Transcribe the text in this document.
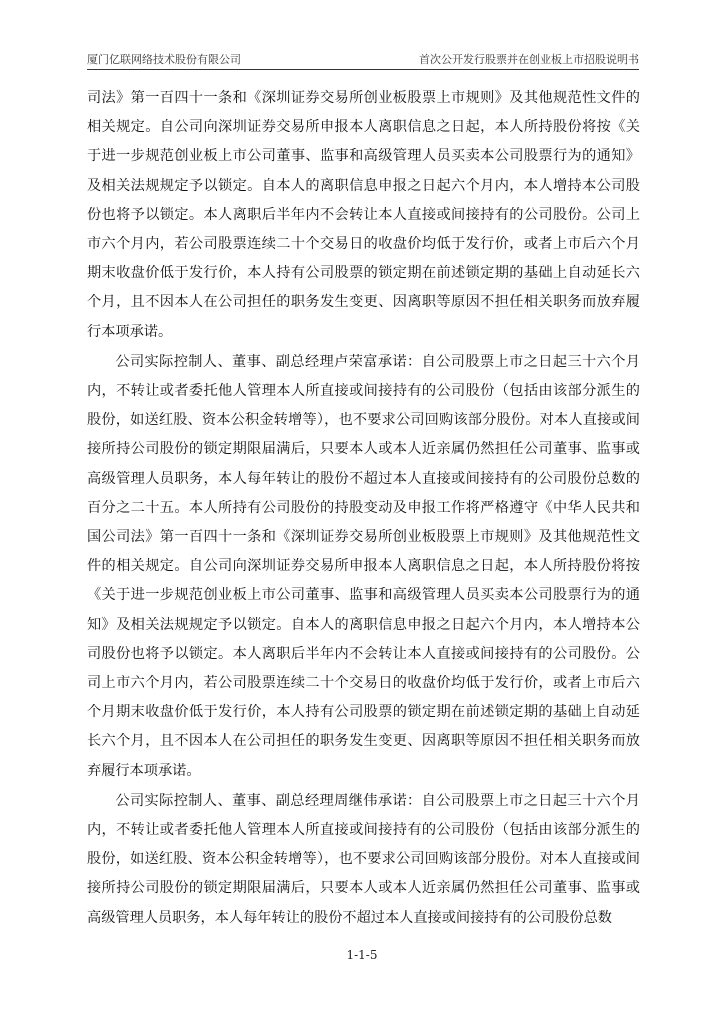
厦门亿联网络技术股份有限公司	首次公开发行股票并在创业板上市招股说明书

司法》第一百四十一条和《深圳证券交易所创业板股票上市规则》及其他规范性文件的相关规定。自公司向深圳证券交易所申报本人离职信息之日起，本人所持股份将按《关于进一步规范创业板上市公司董事、监事和高级管理人员买卖本公司股票行为的通知》及相关法规规定予以锁定。自本人的离职信息申报之日起六个月内，本人增持本公司股份也将予以锁定。本人离职后半年内不会转让本人直接或间接持有的公司股份。公司上市六个月内，若公司股票连续二十个交易日的收盘价均低于发行价，或者上市后六个月期末收盘价低于发行价，本人持有公司股票的锁定期在前述锁定期的基础上自动延长六个月，且不因本人在公司担任的职务发生变更、因离职等原因不担任相关职务而放弃履行本项承诺。

公司实际控制人、董事、副总经理卢荣富承诺：自公司股票上市之日起三十六个月内，不转让或者委托他人管理本人所直接或间接持有的公司股份（包括由该部分派生的股份，如送红股、资本公积金转增等），也不要求公司回购该部分股份。对本人直接或间接所持公司股份的锁定期限届满后，只要本人或本人近亲属仍然担任公司董事、监事或高级管理人员职务，本人每年转让的股份不超过本人直接或间接持有的公司股份总数的百分之二十五。本人所持有公司股份的持股变动及申报工作将严格遵守《中华人民共和国公司法》第一百四十一条和《深圳证券交易所创业板股票上市规则》及其他规范性文件的相关规定。自公司向深圳证券交易所申报本人离职信息之日起，本人所持股份将按《关于进一步规范创业板上市公司董事、监事和高级管理人员买卖本公司股票行为的通知》及相关法规规定予以锁定。自本人的离职信息申报之日起六个月内，本人增持本公司股份也将予以锁定。本人离职后半年内不会转让本人直接或间接持有的公司股份。公司上市六个月内，若公司股票连续二十个交易日的收盘价均低于发行价，或者上市后六个月期末收盘价低于发行价，本人持有公司股票的锁定期在前述锁定期的基础上自动延长六个月，且不因本人在公司担任的职务发生变更、因离职等原因不担任相关职务而放弃履行本项承诺。

公司实际控制人、董事、副总经理周继伟承诺：自公司股票上市之日起三十六个月内，不转让或者委托他人管理本人所直接或间接持有的公司股份（包括由该部分派生的股份，如送红股、资本公积金转增等），也不要求公司回购该部分股份。对本人直接或间接所持公司股份的锁定期限届满后，只要本人或本人近亲属仍然担任公司董事、监事或高级管理人员职务，本人每年转让的股份不超过本人直接或间接持有的公司股份总数

1-1-5
